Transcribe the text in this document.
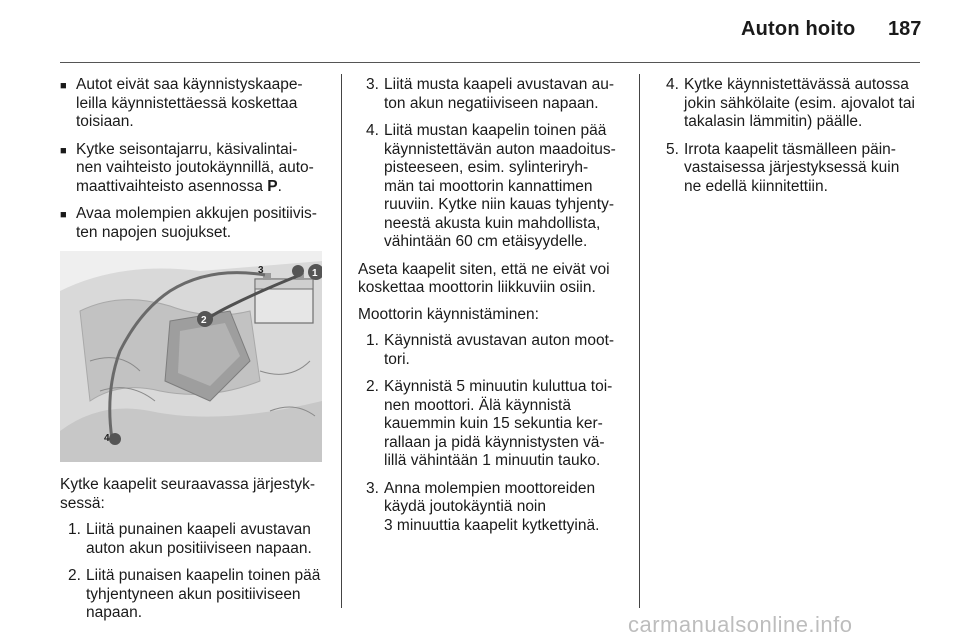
Auton hoito 187
■ Autot eivät saa käynnistyskaape-
leilla käynnistettäessä koskettaa
toisiaan.
■ Kytke seisontajarru, käsivalintai-
nen vaihteisto joutokäynnillä, auto-
maattivaihteisto asennossa P.
■ Avaa molempien akkujen positiivis-
ten napojen suojukset.
1
3
2
4

Kytke kaapelit seuraavassa järjestyk-
sessä:

1. Liitä punainen kaapeli avustavan
auton akun positiiviseen napaan.
2. Liitä punaisen kaapelin toinen pää
tyhjentyneen akun positiiviseen
napaan.
3. Liitä musta kaapeli avustavan au-
ton akun negatiiviseen napaan.
4. Liitä mustan kaapelin toinen pää
käynnistettävän auton maadoitus-
pisteeseen, esim. sylinteriryh-
män tai moottorin kannattimen
ruuviin. Kytke niin kauas tyhjenty-
neestä akusta kuin mahdollista,
vähintään 60 cm etäisyydelle.

Aseta kaapelit siten, että ne eivät voi
koskettaa moottorin liikkuviin osiin.

Moottorin käynnistäminen:

1. Käynnistä avustavan auton moot-
tori.
2. Käynnistä 5 minuutin kuluttua toi-
nen moottori. Älä käynnistä
kauemmin kuin 15 sekuntia ker-
rallaan ja pidä käynnistysten vä-
lillä vähintään 1 minuutin tauko.
3. Anna molempien moottoreiden
käydä joutokäyntiä noin
3 minuuttia kaapelit kytkettyinä.
4. Kytke käynnistettävässä autossa
jokin sähkölaite (esim. ajovalot tai
takalasin lämmitin) päälle.
5. Irrota kaapelit täsmälleen päin-
vastaisessa järjestyksessä kuin
ne edellä kiinnitettiin.
carmanualsonline.info
